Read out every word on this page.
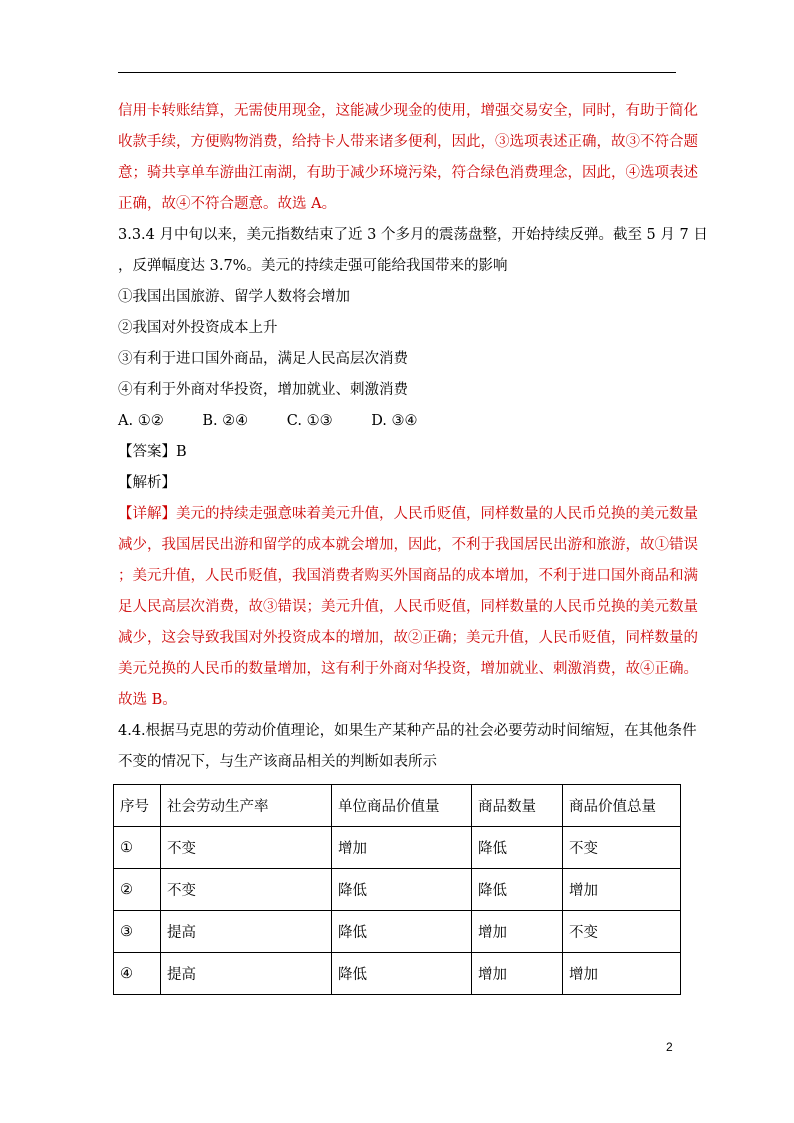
信用卡转账结算，无需使用现金，这能减少现金的使用，增强交易安全，同时，有助于简化
收款手续，方便购物消费，给持卡人带来诸多便利，因此，③选项表述正确，故③不符合题
意；骑共享单车游曲江南湖，有助于减少环境污染，符合绿色消费理念，因此，④选项表述
正确，故④不符合题意。故选 A。
3.3.4 月中旬以来，美元指数结束了近 3 个多月的震荡盘整，开始持续反弹。截至 5 月 7 日
，反弹幅度达 3.7%。美元的持续走强可能给我国带来的影响
①我国出国旅游、留学人数将会增加
②我国对外投资成本上升
③有利于进口国外商品，满足人民高层次消费
④有利于外商对华投资，增加就业、刺激消费
A. ①②	B. ②④	C. ①③	D. ③④
【答案】B
【解析】
【详解】美元的持续走强意味着美元升值，人民币贬值，同样数量的人民币兑换的美元数量
减少，我国居民出游和留学的成本就会增加，因此，不利于我国居民出游和旅游，故①错误
；美元升值，人民币贬值，我国消费者购买外国商品的成本增加，不利于进口国外商品和满
足人民高层次消费，故③错误；美元升值，人民币贬值，同样数量的人民币兑换的美元数量
减少，这会导致我国对外投资成本的增加，故②正确；美元升值，人民币贬值，同样数量的
美元兑换的人民币的数量增加，这有利于外商对华投资，增加就业、刺激消费，故④正确。
故选 B。
4.4.根据马克思的劳动价值理论，如果生产某种产品的社会必要劳动时间缩短，在其他条件
不变的情况下，与生产该商品相关的判断如表所示
序号	社会劳动生产率	单位商品价值量	商品数量	商品价值总量
①	不变	增加	降低	不变
②	不变	降低	降低	增加
③	提高	降低	增加	不变
④	提高	降低	增加	增加
2
